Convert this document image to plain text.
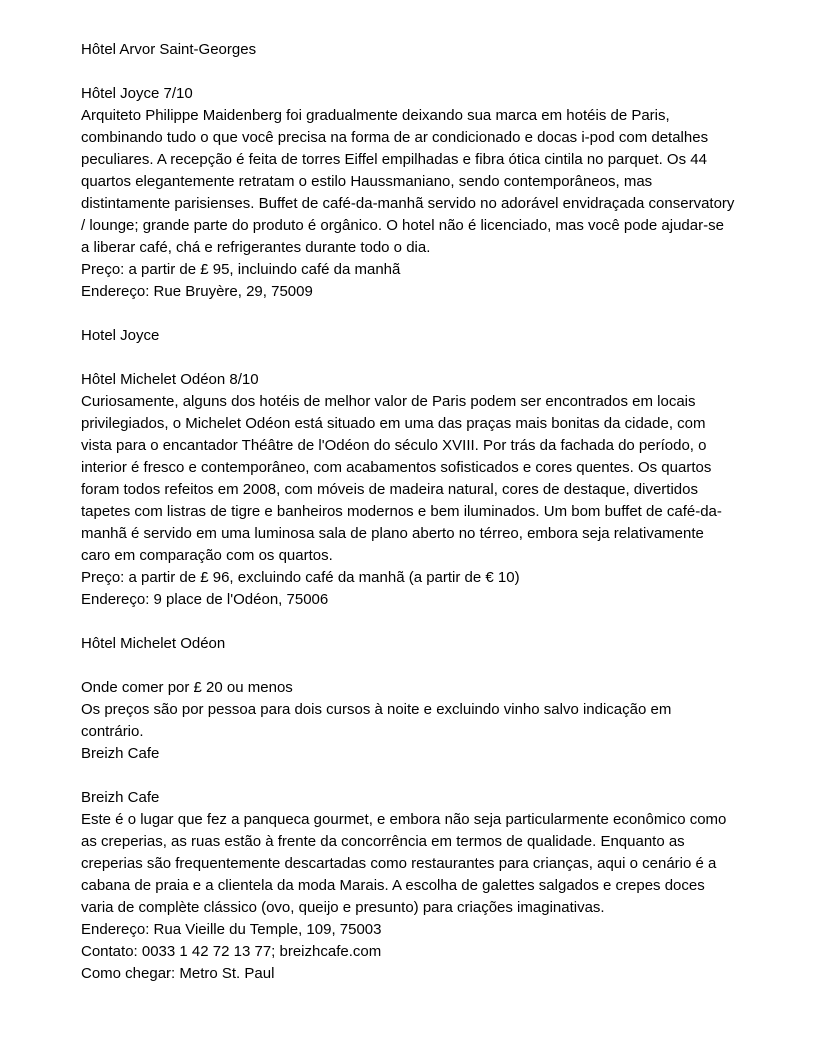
Hôtel Arvor Saint-Georges

Hôtel Joyce 7/10

Arquiteto Philippe Maidenberg foi gradualmente deixando sua marca em hotéis de Paris, combinando tudo o que você precisa na forma de ar condicionado e docas i-pod com detalhes peculiares. A recepção é feita de torres Eiffel empilhadas e fibra ótica cintila no parquet. Os 44 quartos elegantemente retratam o estilo Haussmaniano, sendo contemporâneos, mas distintamente parisienses. Buffet de café-da-manhã servido no adorável envidraçada conservatory / lounge; grande parte do produto é orgânico. O hotel não é licenciado, mas você pode ajudar-se a liberar café, chá e refrigerantes durante todo o dia.

Preço: a partir de £ 95, incluindo café da manhã

Endereço: Rue Bruyère, 29, 75009

Hotel Joyce

Hôtel Michelet Odéon 8/10

Curiosamente, alguns dos hotéis de melhor valor de Paris podem ser encontrados em locais privilegiados, o Michelet Odéon está situado em uma das praças mais bonitas da cidade, com vista para o encantador Théâtre de l'Odéon do século XVIII. Por trás da fachada do período, o interior é fresco e contemporâneo, com acabamentos sofisticados e cores quentes. Os quartos foram todos refeitos em 2008, com móveis de madeira natural, cores de destaque, divertidos tapetes com listras de tigre e banheiros modernos e bem iluminados. Um bom buffet de café-da-manhã é servido em uma luminosa sala de plano aberto no térreo, embora seja relativamente caro em comparação com os quartos.

Preço: a partir de £ 96, excluindo café da manhã (a partir de € 10)

Endereço: 9 place de l'Odéon, 75006

Hôtel Michelet Odéon

Onde comer por £ 20 ou menos

Os preços são por pessoa para dois cursos à noite e excluindo vinho salvo indicação em contrário.

Breizh Cafe

Breizh Cafe

Este é o lugar que fez a panqueca gourmet, e embora não seja particularmente econômico como as creperias, as ruas estão à frente da concorrência em termos de qualidade. Enquanto as creperias são frequentemente descartadas como restaurantes para crianças, aqui o cenário é a cabana de praia e a clientela da moda Marais. A escolha de galettes salgados e crepes doces varia de complète clássico (ovo, queijo e presunto) para criações imaginativas.

Endereço: Rua Vieille du Temple, 109, 75003

Contato: 0033 1 42 72 13 77; breizhcafe.com

Como chegar: Metro St. Paul
